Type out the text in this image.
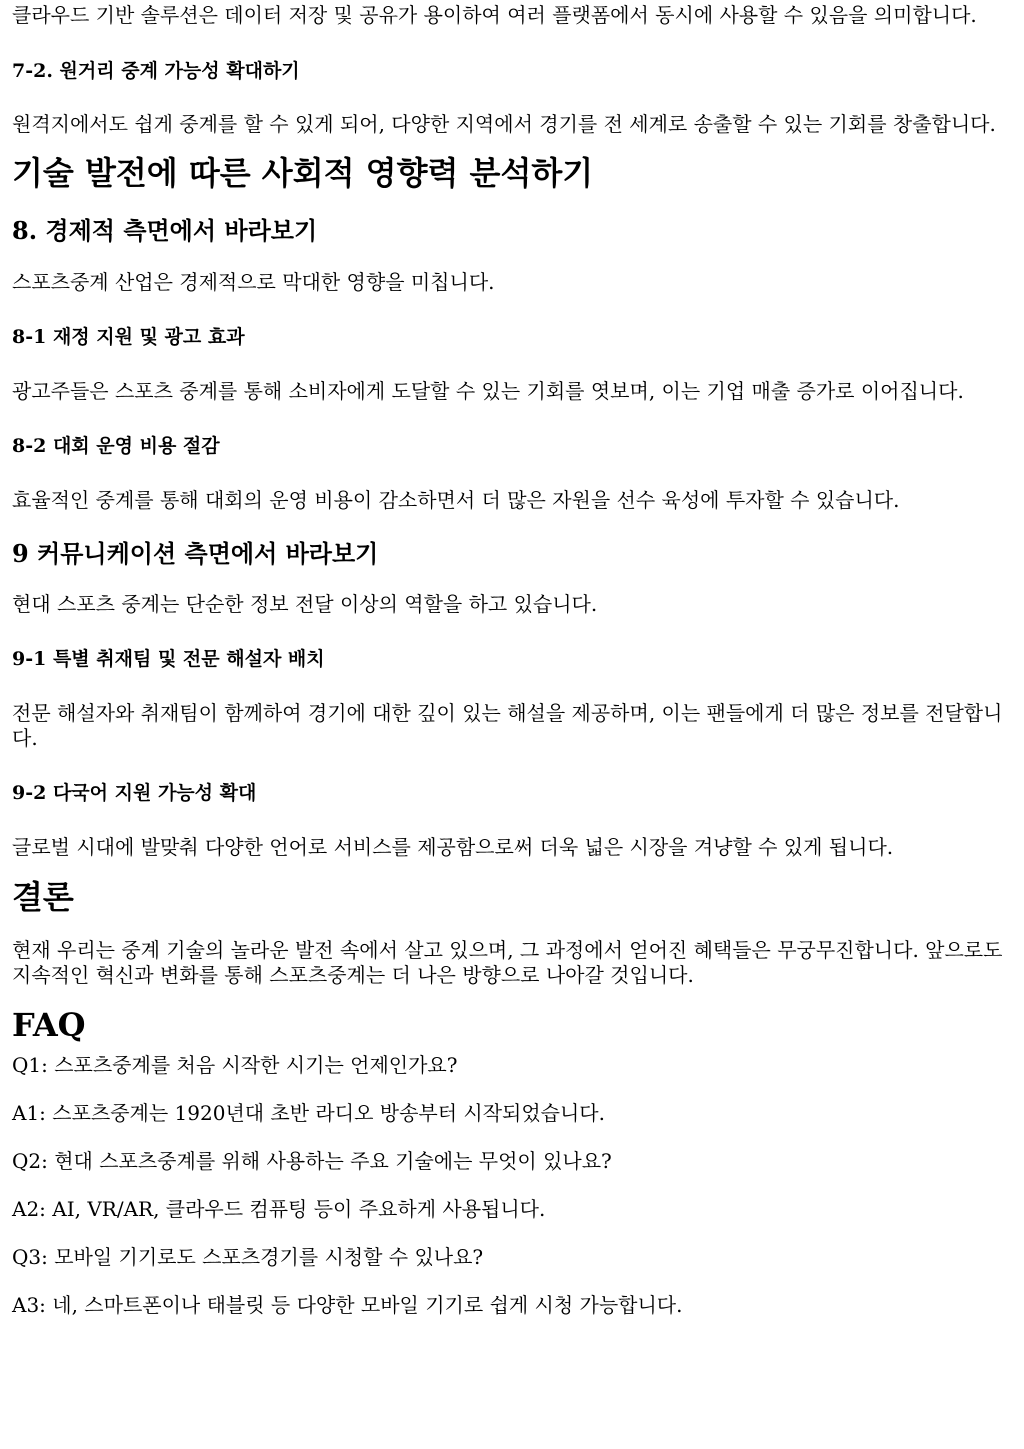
클라우드 기반 솔루션은 데이터 저장 및 공유가 용이하여 여러 플랫폼에서 동시에 사용할 수 있음을 의미합니다.

7-2. 원거리 중계 가능성 확대하기

원격지에서도 쉽게 중계를 할 수 있게 되어, 다양한 지역에서 경기를 전 세계로 송출할 수 있는 기회를 창출합니다.

기술 발전에 따른 사회적 영향력 분석하기
8. 경제적 측면에서 바라보기

스포츠중계 산업은 경제적으로 막대한 영향을 미칩니다.

8-1 재정 지원 및 광고 효과

광고주들은 스포츠 중계를 통해 소비자에게 도달할 수 있는 기회를 엿보며, 이는 기업 매출 증가로 이어집니다.

8-2 대회 운영 비용 절감

효율적인 중계를 통해 대회의 운영 비용이 감소하면서 더 많은 자원을 선수 육성에 투자할 수 있습니다.

9 커뮤니케이션 측면에서 바라보기

현대 스포츠 중계는 단순한 정보 전달 이상의 역할을 하고 있습니다.

9-1 특별 취재팀 및 전문 해설자 배치

전문 해설자와 취재팀이 함께하여 경기에 대한 깊이 있는 해설을 제공하며, 이는 팬들에게 더 많은 정보를 전달합니다.

9-2 다국어 지원 가능성 확대

글로벌 시대에 발맞춰 다양한 언어로 서비스를 제공함으로써 더욱 넓은 시장을 겨냥할 수 있게 됩니다.

결론

현재 우리는 중계 기술의 놀라운 발전 속에서 살고 있으며, 그 과정에서 얻어진 혜택들은 무궁무진합니다. 앞으로도 지속적인 혁신과 변화를 통해 스포츠중계는 더 나은 방향으로 나아갈 것입니다.

FAQ

Q1: 스포츠중계를 처음 시작한 시기는 언제인가요?

A1: 스포츠중계는 1920년대 초반 라디오 방송부터 시작되었습니다.

Q2: 현대 스포츠중계를 위해 사용하는 주요 기술에는 무엇이 있나요?

A2: AI, VR/AR, 클라우드 컴퓨팅 등이 주요하게 사용됩니다.

Q3: 모바일 기기로도 스포츠경기를 시청할 수 있나요?

A3: 네, 스마트폰이나 태블릿 등 다양한 모바일 기기로 쉽게 시청 가능합니다.
